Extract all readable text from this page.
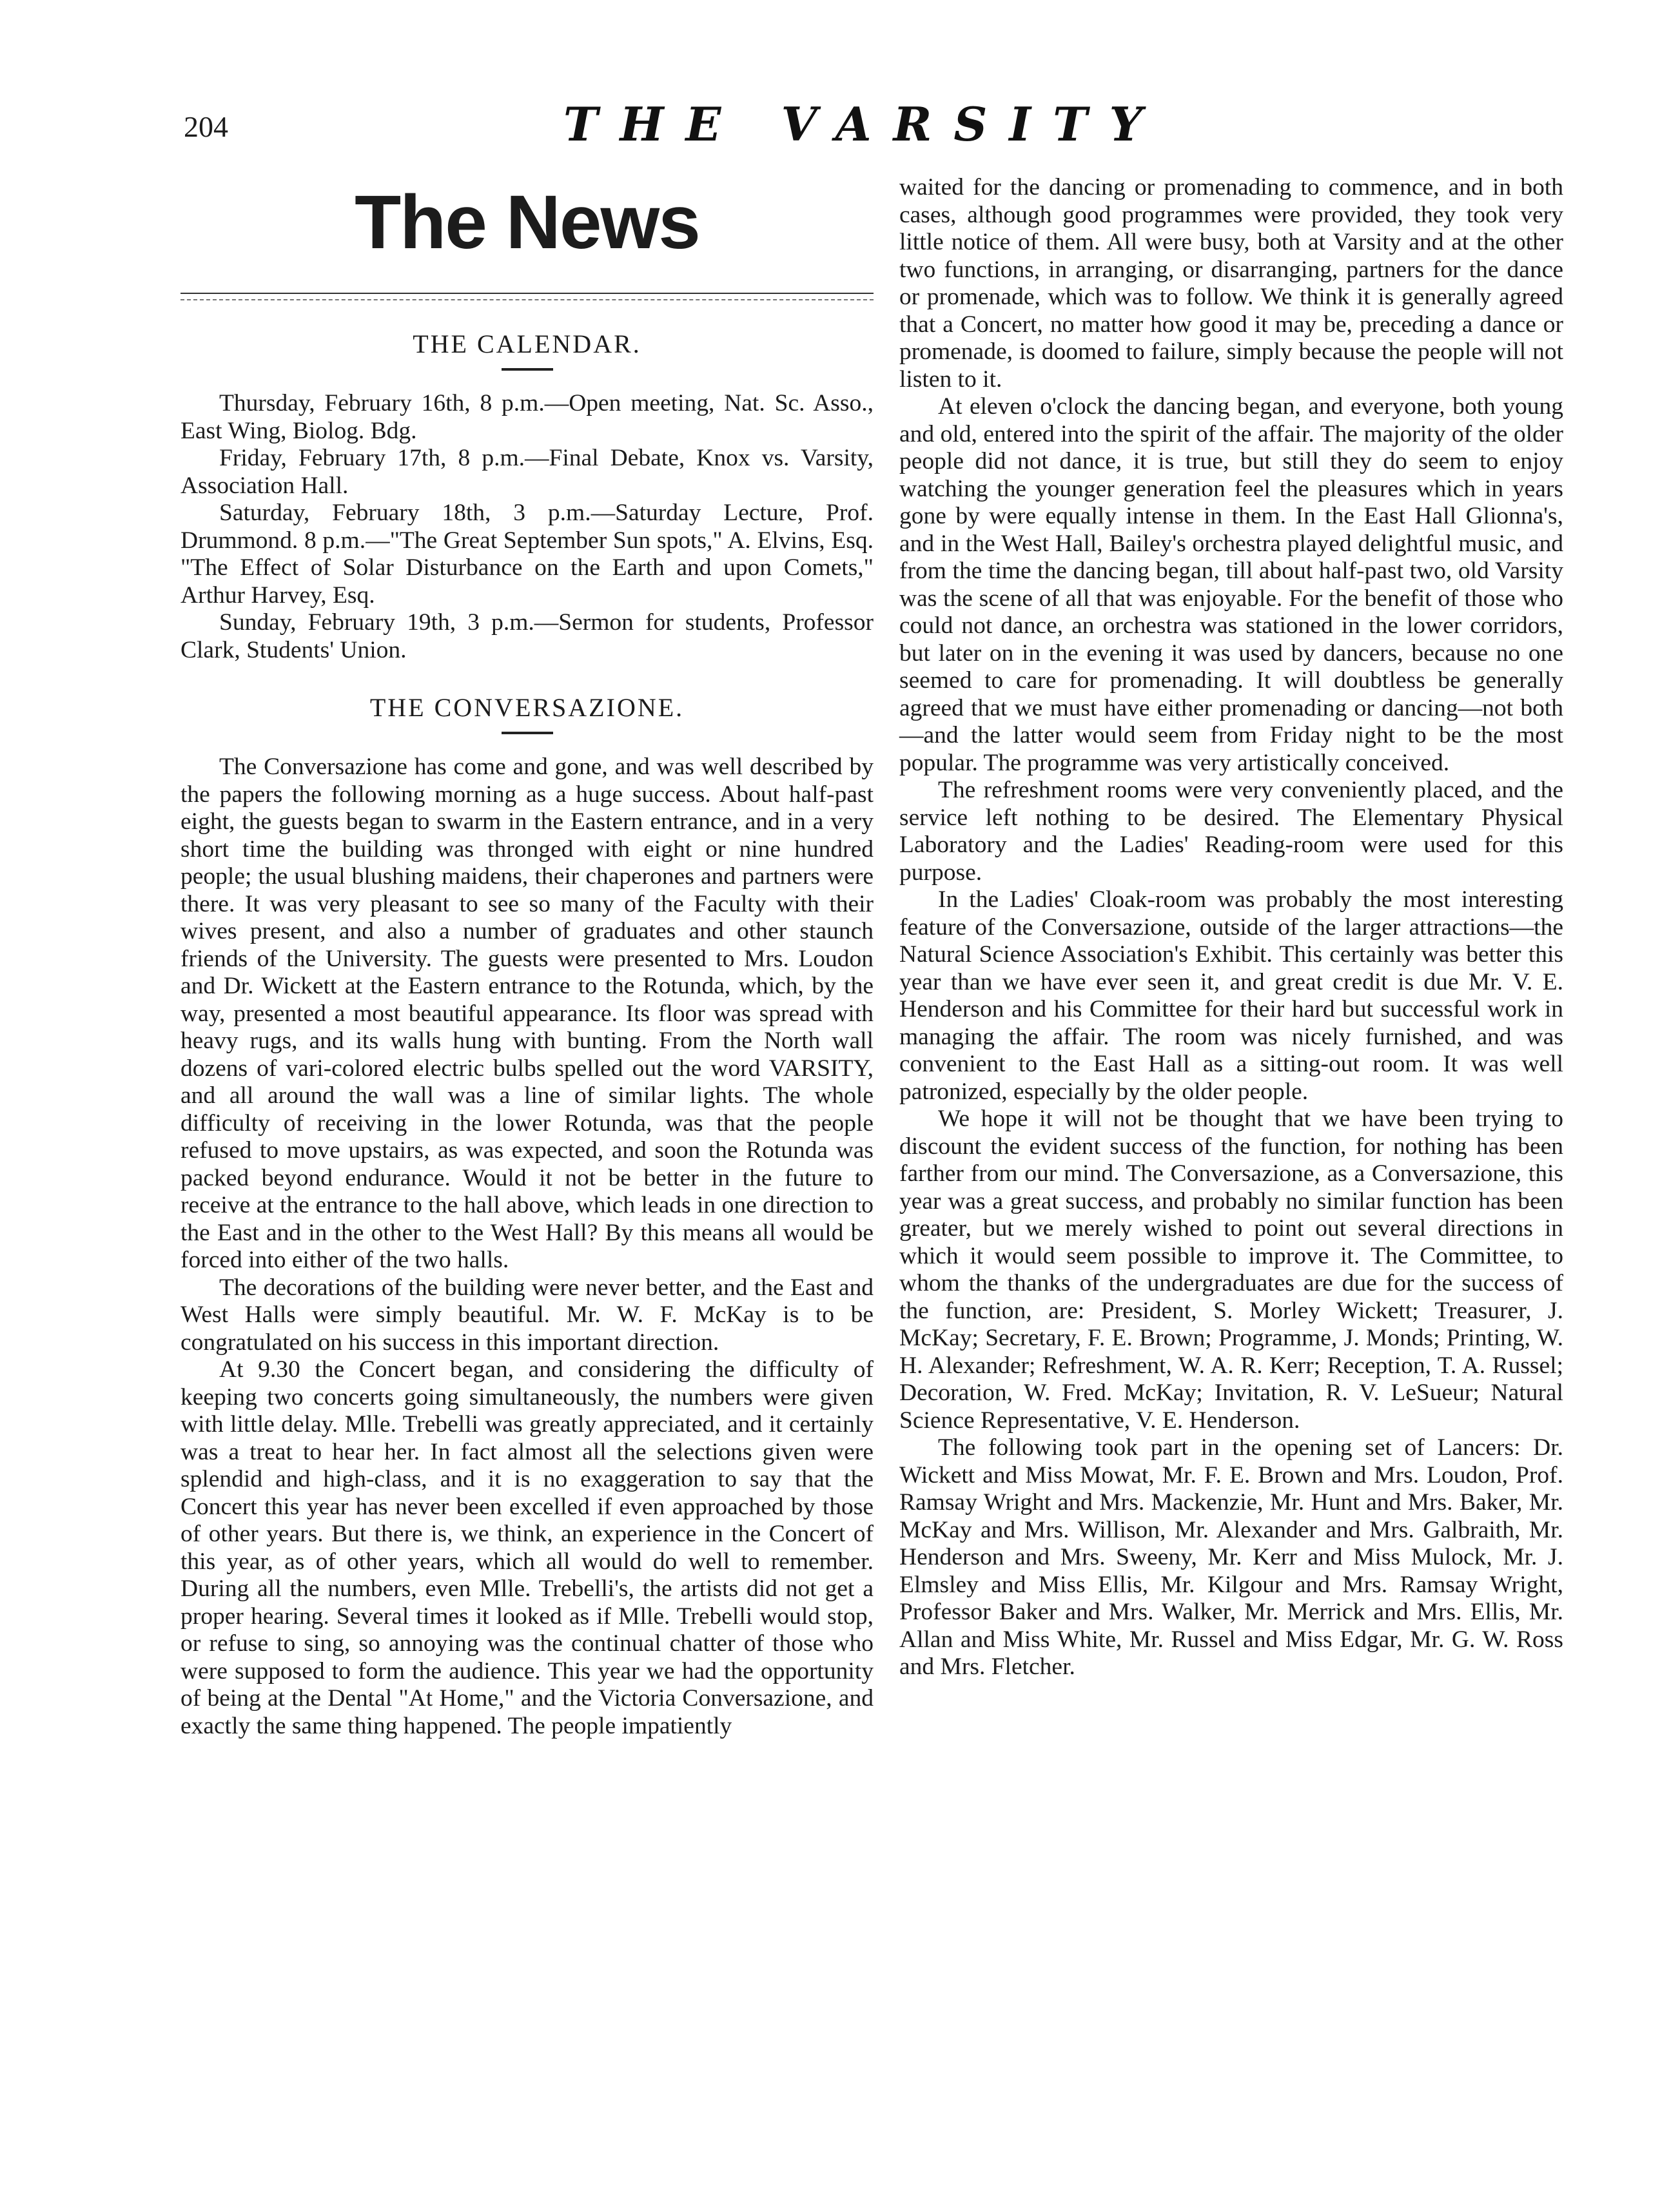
204	THE VARSITY
The News
THE CALENDAR.

Thursday, February 16th, 8 p.m.—Open meeting, Nat. Sc. Asso., East Wing, Biolog. Bdg.

Friday, February 17th, 8 p.m.—Final Debate, Knox vs. Varsity, Association Hall.

Saturday, February 18th, 3 p.m.—Saturday Lecture, Prof. Drummond. 8 p.m.—"The Great September Sun spots," A. Elvins, Esq. "The Effect of Solar Disturbance on the Earth and upon Comets," Arthur Harvey, Esq.

Sunday, February 19th, 3 p.m.—Sermon for students, Professor Clark, Students' Union.

THE CONVERSAZIONE.

The Conversazione has come and gone, and was well described by the papers the following morning as a huge success. About half-past eight, the guests began to swarm in the Eastern entrance, and in a very short time the building was thronged with eight or nine hundred people; the usual blushing maidens, their chaperones and partners were there. It was very pleasant to see so many of the Faculty with their wives present, and also a number of graduates and other staunch friends of the University. The guests were presented to Mrs. Loudon and Dr. Wickett at the Eastern entrance to the Rotunda, which, by the way, presented a most beautiful appearance. Its floor was spread with heavy rugs, and its walls hung with bunting. From the North wall dozens of vari-colored electric bulbs spelled out the word VARSITY, and all around the wall was a line of similar lights. The whole difficulty of receiving in the lower Rotunda, was that the people refused to move upstairs, as was expected, and soon the Rotunda was packed beyond endurance. Would it not be better in the future to receive at the entrance to the hall above, which leads in one direction to the East and in the other to the West Hall? By this means all would be forced into either of the two halls.

The decorations of the building were never better, and the East and West Halls were simply beautiful. Mr. W. F. McKay is to be congratulated on his success in this important direction.

At 9.30 the Concert began, and considering the difficulty of keeping two concerts going simultaneously, the numbers were given with little delay. Mlle. Trebelli was greatly appreciated, and it certainly was a treat to hear her. In fact almost all the selections given were splendid and high-class, and it is no exaggeration to say that the Concert this year has never been excelled if even approached by those of other years. But there is, we think, an experience in the Concert of this year, as of other years, which all would do well to remember. During all the numbers, even Mlle. Trebelli's, the artists did not get a proper hearing. Several times it looked as if Mlle. Trebelli would stop, or refuse to sing, so annoying was the continual chatter of those who were supposed to form the audience. This year we had the opportunity of being at the Dental "At Home," and the Victoria Conversazione, and exactly the same thing happened. The people impatiently

waited for the dancing or promenading to commence, and in both cases, although good programmes were provided, they took very little notice of them. All were busy, both at Varsity and at the other two functions, in arranging, or disarranging, partners for the dance or promenade, which was to follow. We think it is generally agreed that a Concert, no matter how good it may be, preceding a dance or promenade, is doomed to failure, simply because the people will not listen to it.

At eleven o'clock the dancing began, and everyone, both young and old, entered into the spirit of the affair. The majority of the older people did not dance, it is true, but still they do seem to enjoy watching the younger generation feel the pleasures which in years gone by were equally intense in them. In the East Hall Glionna's, and in the West Hall, Bailey's orchestra played delightful music, and from the time the dancing began, till about half-past two, old Varsity was the scene of all that was enjoyable. For the benefit of those who could not dance, an orchestra was stationed in the lower corridors, but later on in the evening it was used by dancers, because no one seemed to care for promenading. It will doubtless be generally agreed that we must have either promenading or dancing—not both—and the latter would seem from Friday night to be the most popular. The programme was very artistically conceived.

The refreshment rooms were very conveniently placed, and the service left nothing to be desired. The Elementary Physical Laboratory and the Ladies' Reading-room were used for this purpose.

In the Ladies' Cloak-room was probably the most interesting feature of the Conversazione, outside of the larger attractions—the Natural Science Association's Exhibit. This certainly was better this year than we have ever seen it, and great credit is due Mr. V. E. Henderson and his Committee for their hard but successful work in managing the affair. The room was nicely furnished, and was convenient to the East Hall as a sitting-out room. It was well patronized, especially by the older people.

We hope it will not be thought that we have been trying to discount the evident success of the function, for nothing has been farther from our mind. The Conversazione, as a Conversazione, this year was a great success, and probably no similar function has been greater, but we merely wished to point out several directions in which it would seem possible to improve it. The Committee, to whom the thanks of the undergraduates are due for the success of the function, are: President, S. Morley Wickett; Treasurer, J. McKay; Secretary, F. E. Brown; Programme, J. Monds; Printing, W. H. Alexander; Refreshment, W. A. R. Kerr; Reception, T. A. Russel; Decoration, W. Fred. McKay; Invitation, R. V. LeSueur; Natural Science Representative, V. E. Henderson.

The following took part in the opening set of Lancers: Dr. Wickett and Miss Mowat, Mr. F. E. Brown and Mrs. Loudon, Prof. Ramsay Wright and Mrs. Mackenzie, Mr. Hunt and Mrs. Baker, Mr. McKay and Mrs. Willison, Mr. Alexander and Mrs. Galbraith, Mr. Henderson and Mrs. Sweeny, Mr. Kerr and Miss Mulock, Mr. J. Elmsley and Miss Ellis, Mr. Kilgour and Mrs. Ramsay Wright, Professor Baker and Mrs. Walker, Mr. Merrick and Mrs. Ellis, Mr. Allan and Miss White, Mr. Russel and Miss Edgar, Mr. G. W. Ross and Mrs. Fletcher.
